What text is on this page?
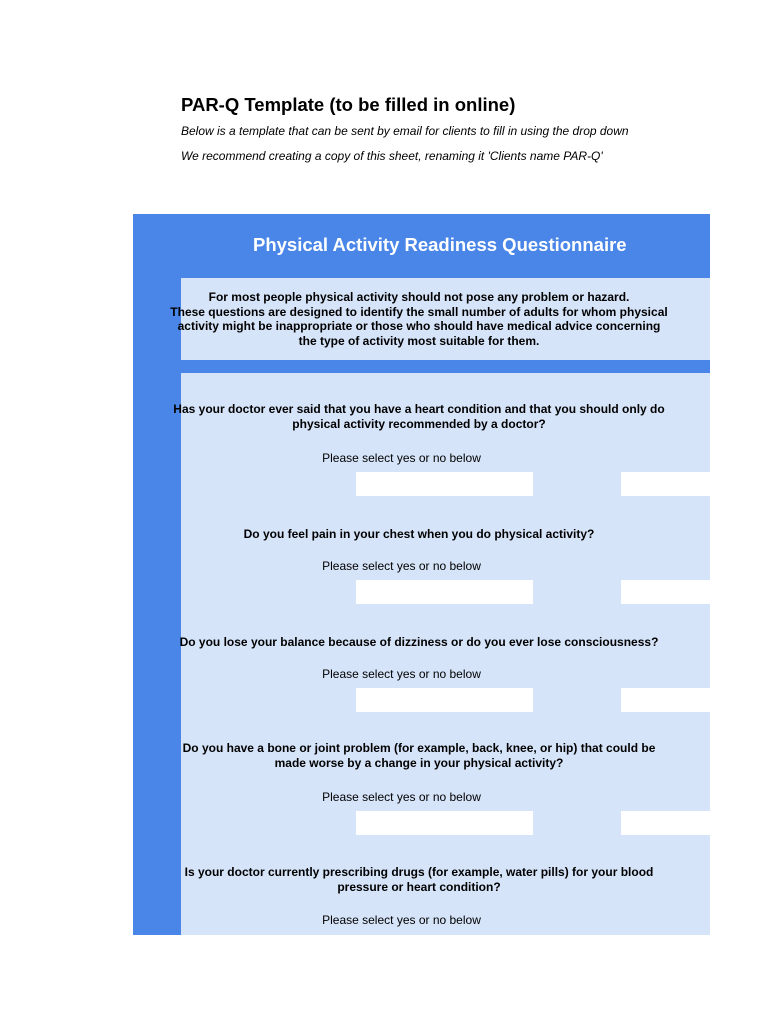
PAR-Q Template (to be filled in online)
Below is a template that can be sent by email for clients to fill in using the drop down
We recommend creating a copy of this sheet, renaming it 'Clients name PAR-Q'
Physical Activity Readiness Questionnaire
For most people physical activity should not pose any problem or hazard.
These questions are designed to identify the small number of adults for whom physical
activity might be inappropriate or those who should have medical advice concerning
the type of activity most suitable for them.
Has your doctor ever said that you have a heart condition and that you should only do
physical activity recommended by a doctor?
Please select yes or no below
Do you feel pain in your chest when you do physical activity?
Please select yes or no below
Do you lose your balance because of dizziness or do you ever lose consciousness?
Please select yes or no below
Do you have a bone or joint problem (for example, back, knee, or hip) that could be
made worse by a change in your physical activity?
Please select yes or no below
Is your doctor currently prescribing drugs (for example, water pills) for your blood
pressure or heart condition?
Please select yes or no below
